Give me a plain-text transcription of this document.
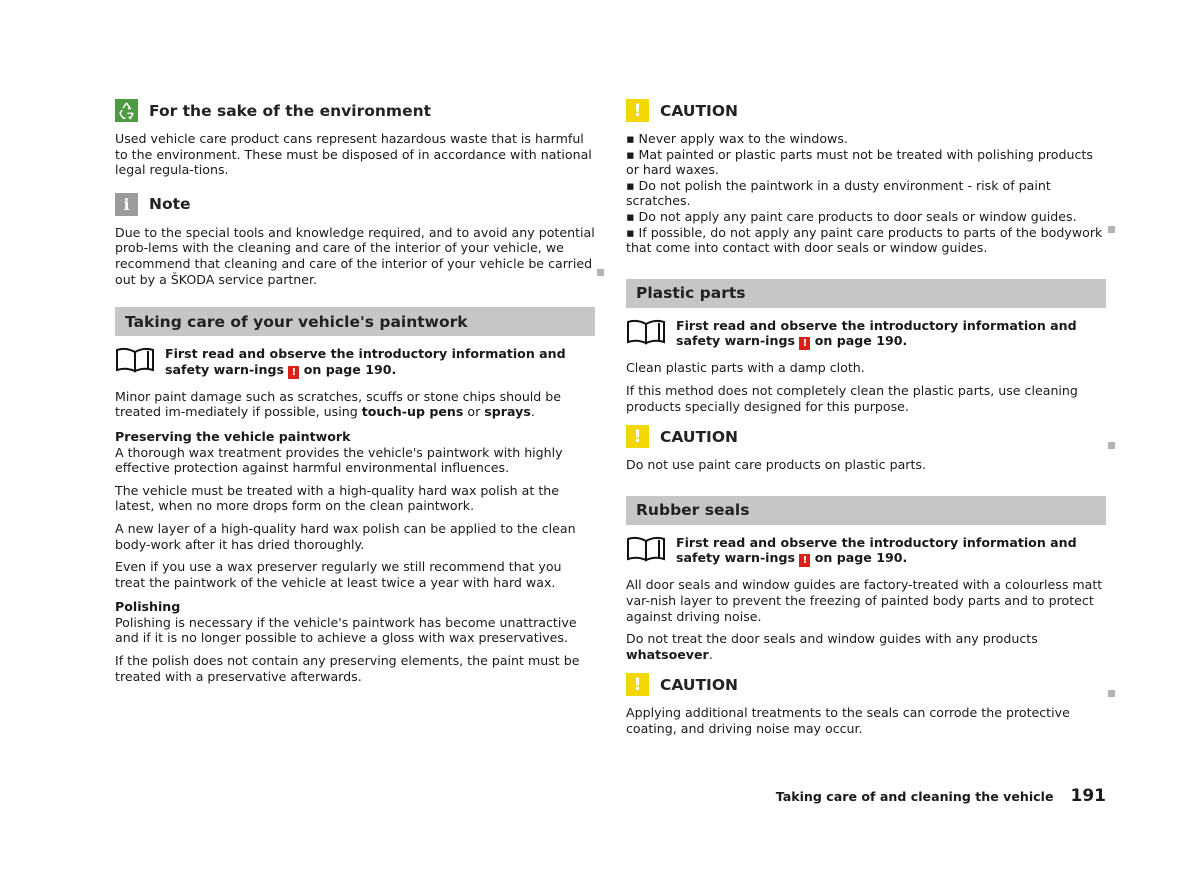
For the sake of the environment

Used vehicle care product cans represent hazardous waste that is harmful to the environment. These must be disposed of in accordance with national legal regula-tions.

i Note

Due to the special tools and knowledge required, and to avoid any potential prob-lems with the cleaning and care of the interior of your vehicle, we recommend that cleaning and care of the interior of your vehicle be carried out by a ŠKODA service partner.

Taking care of your vehicle's paintwork
First read and observe the introductory information and safety warn-ings ! on page 190.

Minor paint damage such as scratches, scuffs or stone chips should be treated im-mediately if possible, using touch-up pens or sprays.

Preserving the vehicle paintwork

A thorough wax treatment provides the vehicle's paintwork with highly effective protection against harmful environmental influences.

The vehicle must be treated with a high-quality hard wax polish at the latest, when no more drops form on the clean paintwork.

A new layer of a high-quality hard wax polish can be applied to the clean body-work after it has dried thoroughly.

Even if you use a wax preserver regularly we still recommend that you treat the paintwork of the vehicle at least twice a year with hard wax.

Polishing

Polishing is necessary if the vehicle's paintwork has become unattractive and if it is no longer possible to achieve a gloss with wax preservatives.

If the polish does not contain any preserving elements, the paint must be treated with a preservative afterwards.

! CAUTION

▪ Never apply wax to the windows.

▪ Mat painted or plastic parts must not be treated with polishing products or hard waxes.

▪ Do not polish the paintwork in a dusty environment - risk of paint scratches.

▪ Do not apply any paint care products to door seals or window guides.

▪ If possible, do not apply any paint care products to parts of the bodywork that come into contact with door seals or window guides.

Plastic parts
First read and observe the introductory information and safety warn-ings ! on page 190.

Clean plastic parts with a damp cloth.

If this method does not completely clean the plastic parts, use cleaning products specially designed for this purpose.

! CAUTION

Do not use paint care products on plastic parts.

Rubber seals
First read and observe the introductory information and safety warn-ings ! on page 190.

All door seals and window guides are factory-treated with a colourless matt var-nish layer to prevent the freezing of painted body parts and to protect against driving noise.

Do not treat the door seals and window guides with any products whatsoever.

! CAUTION

Applying additional treatments to the seals can corrode the protective coating, and driving noise may occur.

Taking care of and cleaning the vehicle 191
